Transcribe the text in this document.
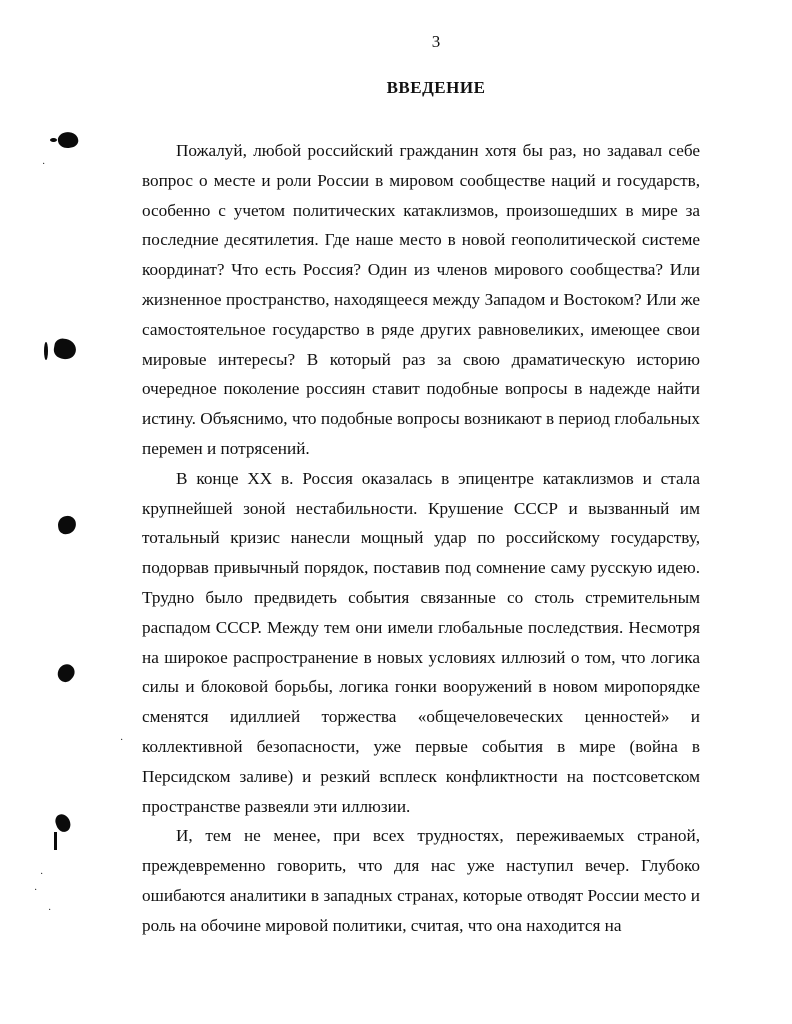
3
ВВЕДЕНИЕ

Пожалуй, любой российский гражданин хотя бы раз, но задавал себе вопрос о месте и роли России в мировом сообществе наций и государств, особенно с учетом политических катаклизмов, произошедших в мире за последние десятилетия. Где наше место в новой геополитической системе координат? Что есть Россия? Один из членов мирового сообщества? Или жизненное пространство, находящееся между Западом и Востоком? Или же самостоятельное государство в ряде других равновеликих, имеющее свои мировые интересы? В который раз за свою драматическую историю очередное поколение россиян ставит подобные вопросы в надежде найти истину. Объяснимо, что подобные вопросы возникают в период глобальных перемен и потрясений.

В конце XX в. Россия оказалась в эпицентре катаклизмов и стала крупнейшей зоной нестабильности. Крушение СССР и вызванный им тотальный кризис нанесли мощный удар по российскому государству, подорвав привычный порядок, поставив под сомнение саму русскую идею. Трудно было предвидеть события связанные со столь стремительным распадом СССР. Между тем они имели глобальные последствия. Несмотря на широкое распространение в новых условиях иллюзий о том, что логика силы и блоковой борьбы, логика гонки вооружений в новом миропорядке сменятся идиллией торжества «общечеловеческих ценностей» и коллективной безопасности, уже первые события в мире (война в Персидском заливе) и резкий всплеск конфликтности на постсоветском пространстве развеяли эти иллюзии.

И, тем не менее, при всех трудностях, переживаемых страной, преждевременно говорить, что для нас уже наступил вечер. Глубоко ошибаются аналитики в западных странах, которые отводят России место и роль на обочине мировой политики, считая, что она находится на

·
·
·
·
·
